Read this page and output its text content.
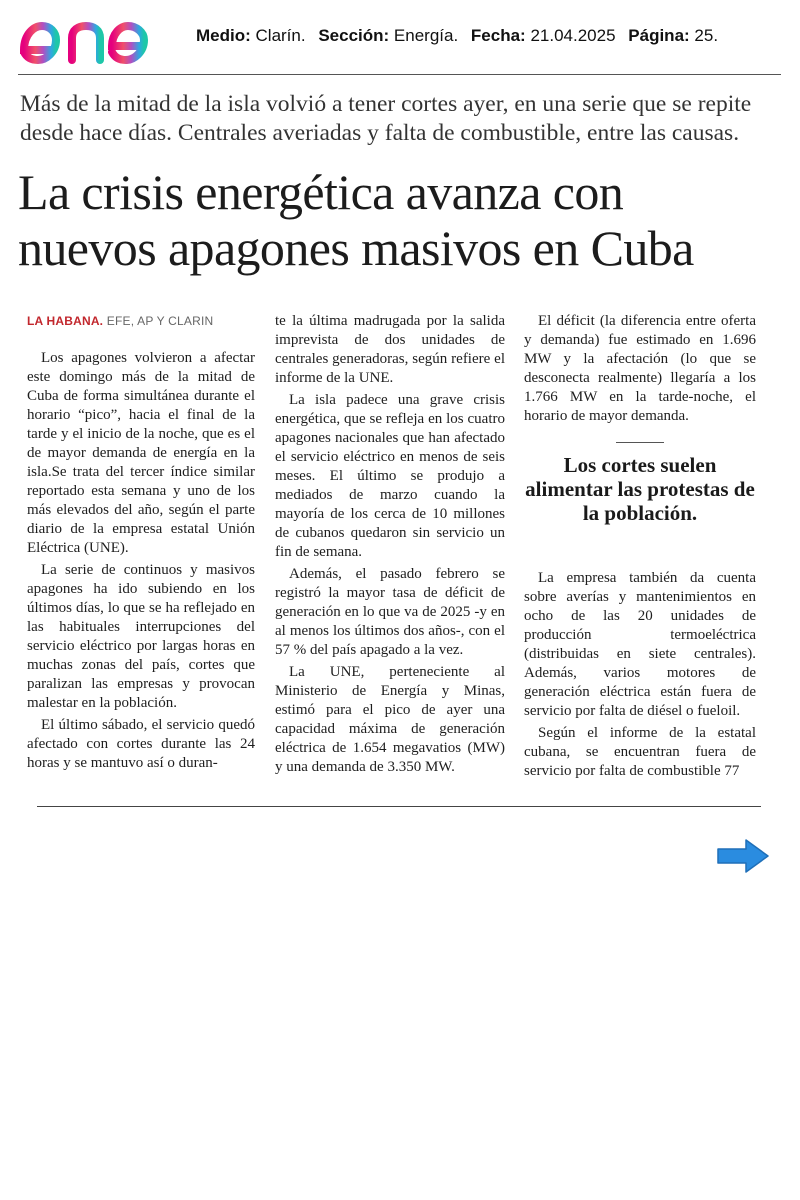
Medio: Clarín. Sección: Energía. Fecha: 21.04.2025 Página: 25.
Más de la mitad de la isla volvió a tener cortes ayer, en una serie que se repite
desde hace días. Centrales averiadas y falta de combustible, entre las causas.
La crisis energética avanza con
nuevos apagones masivos en Cuba
LA HABANA. EFE, AP Y CLARIN

Los apagones volvieron a afectar este domingo más de la mitad de Cuba de forma simultánea durante el horario “pico”, hacia el final de la tarde y el inicio de la noche, que es el de mayor demanda de energía en la isla.Se trata del tercer índice similar reportado esta semana y uno de los más elevados del año, según el parte diario de la empresa estatal Unión Eléctrica (UNE).

La serie de continuos y masivos apagones ha ido subiendo en los últimos días, lo que se ha reflejado en las habituales interrupciones del servicio eléctrico por largas horas en muchas zonas del país, cortes que paralizan las empresas y provocan malestar en la población.

El último sábado, el servicio quedó afectado con cortes durante las 24 horas y se mantuvo así o duran-

te la última madrugada por la salida imprevista de dos unidades de centrales generadoras, según refiere el informe de la UNE.

La isla padece una grave crisis energética, que se refleja en los cuatro apagones nacionales que han afectado el servicio eléctrico en menos de seis meses. El último se produjo a mediados de marzo cuando la mayoría de los cerca de 10 millones de cubanos quedaron sin servicio un fin de semana.

Además, el pasado febrero se registró la mayor tasa de déficit de generación en lo que va de 2025 -y en al menos los últimos dos años-, con el 57 % del país apagado a la vez.

La UNE, perteneciente al Ministerio de Energía y Minas, estimó para el pico de ayer una capacidad máxima de generación eléctrica de 1.654 megavatios (MW) y una demanda de 3.350 MW.

El déficit (la diferencia entre oferta y demanda) fue estimado en 1.696 MW y la afectación (lo que se desconecta realmente) llegaría a los 1.766 MW en la tarde-noche, el horario de mayor demanda.

Los cortes suelen alimentar las protestas de la población.

La empresa también da cuenta sobre averías y mantenimientos en ocho de las 20 unidades de producción termoeléctrica (distribuidas en siete centrales). Además, varios motores de generación eléctrica están fuera de servicio por falta de diésel o fueloil.

Según el informe de la estatal cubana, se encuentran fuera de servicio por falta de combustible 77
